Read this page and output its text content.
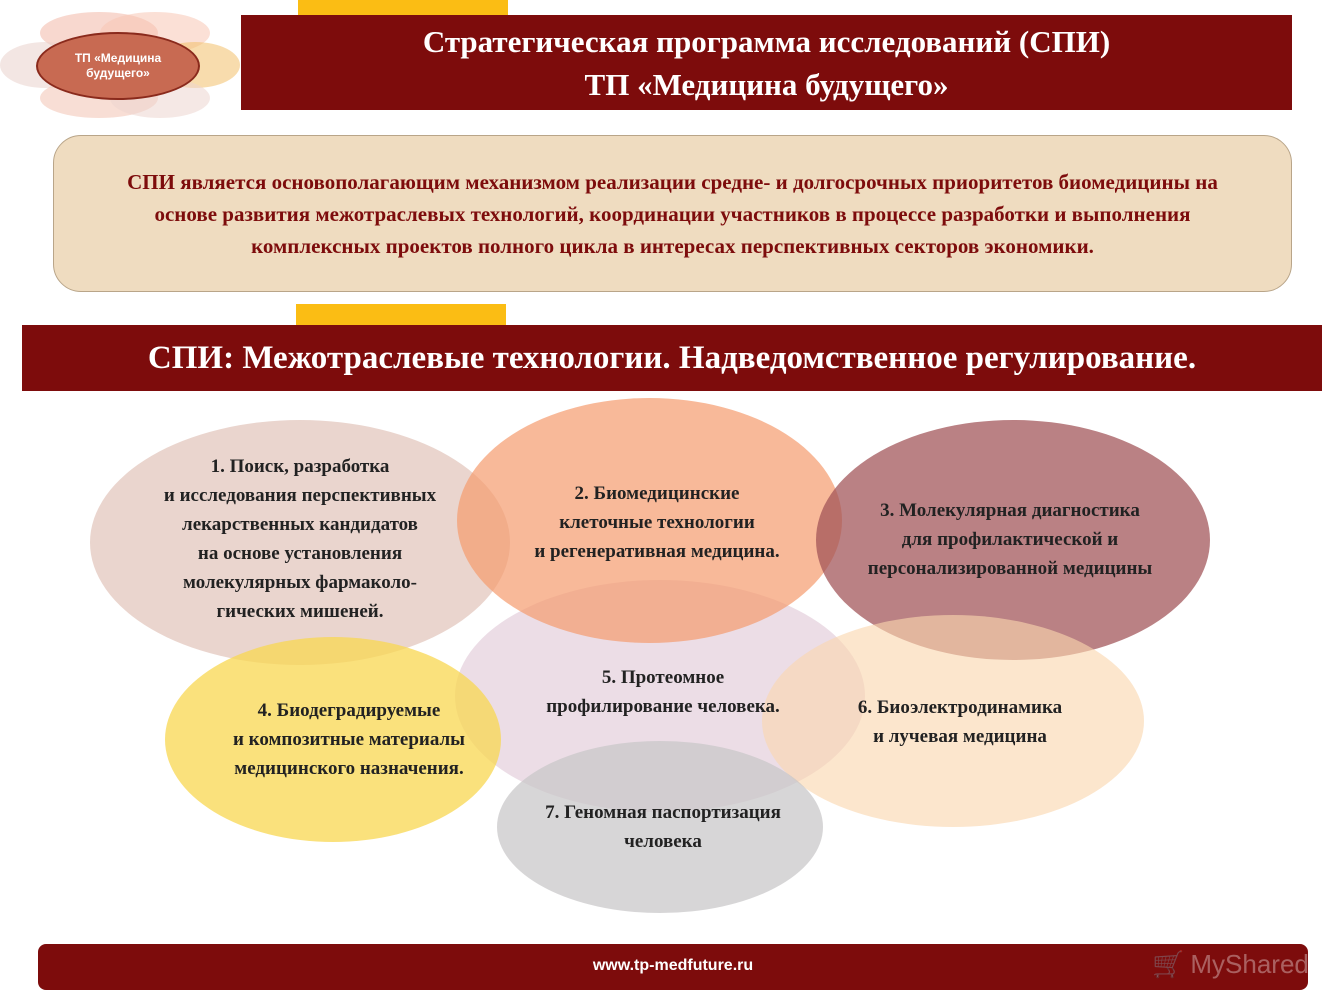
ТП «Медицина будущего»
Стратегическая программа исследований (СПИ)
ТП «Медицина будущего»
СПИ является основополагающим механизмом реализации средне- и долгосрочных приоритетов биомедицины на основе развития межотраслевых технологий, координации участников в процессе разработки и выполнения комплексных проектов полного цикла в интересах перспективных секторов экономики.
СПИ: Межотраслевые технологии. Надведомственное регулирование.
1. Поиск, разработка
и исследования перспективных
лекарственных кандидатов
на основе установления
молекулярных фармаколо-
гических мишеней.
2. Биомедицинские
клеточные технологии
и регенеративная медицина.
3. Молекулярная диагностика
для профилактической и
персонализированной медицины
4. Биодеградируемые
и композитные материалы
медицинского назначения.
5. Протеомное
профилирование человека.	6. Биоэлектродинамика
и лучевая медицина
7. Геномная паспортизация
человека
www.tp-medfuture.ru	🛒 MyShared
